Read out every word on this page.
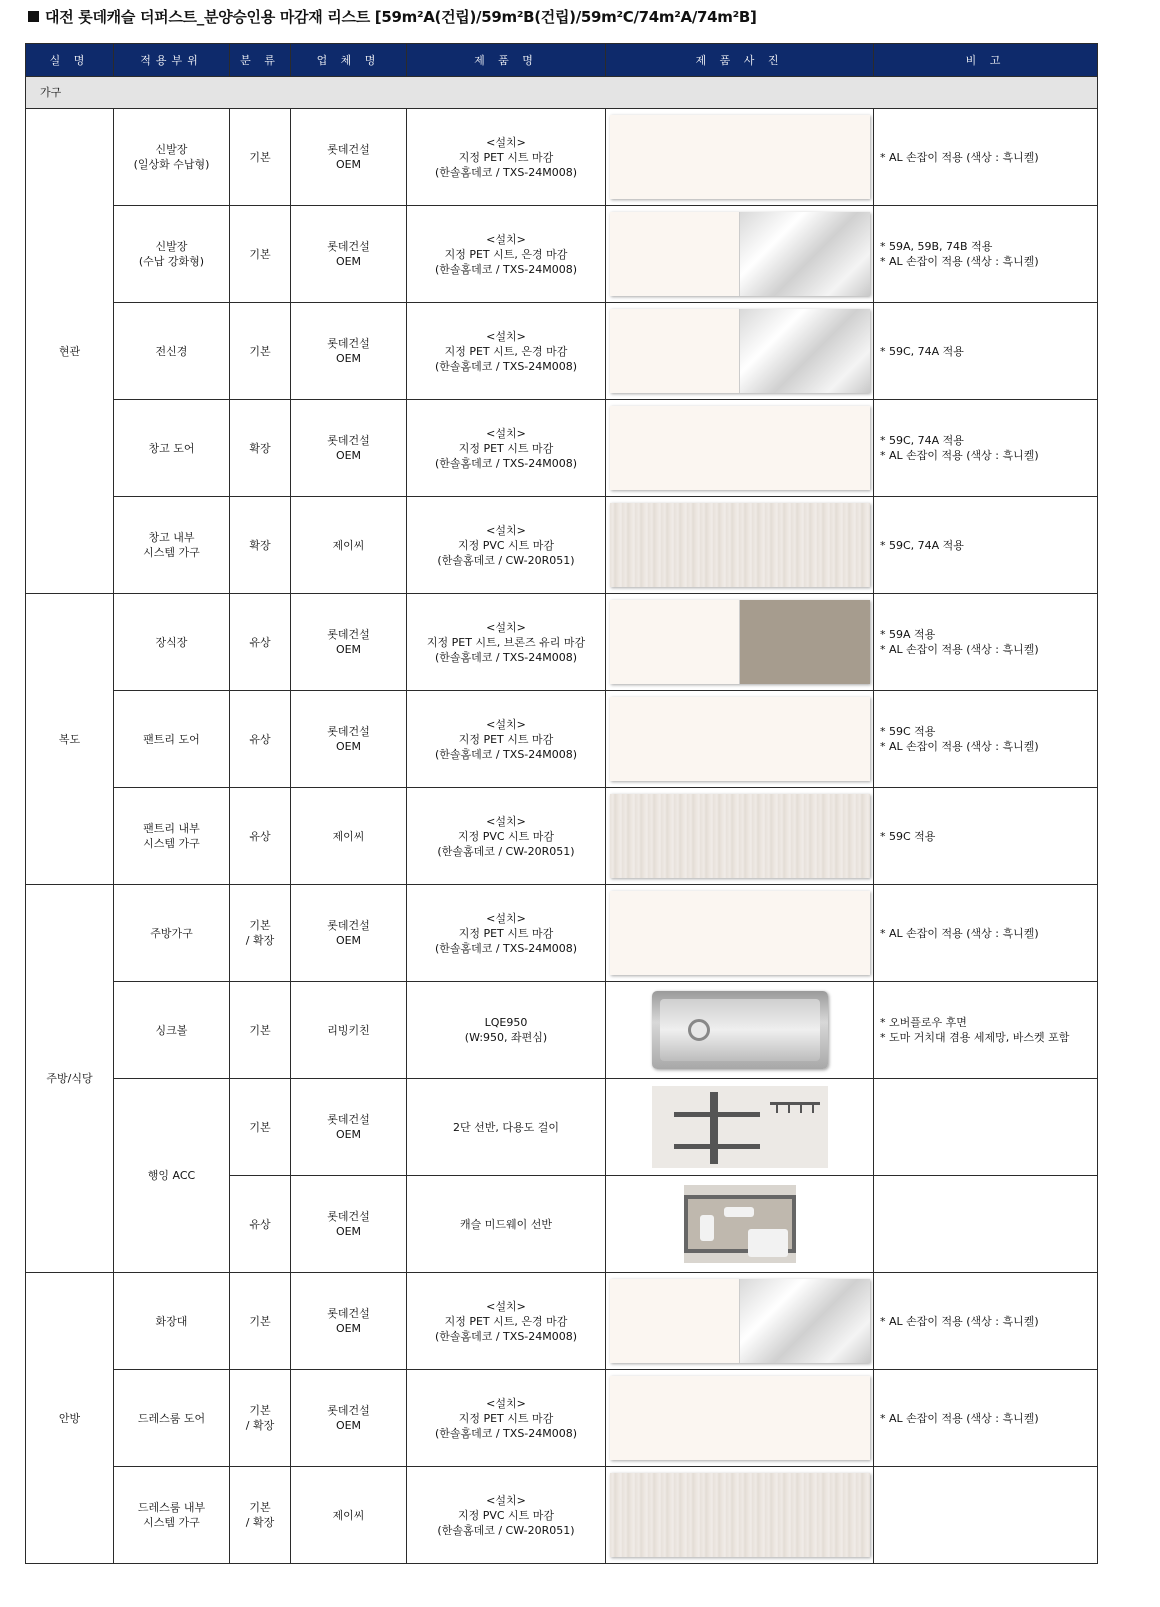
대전 롯데캐슬 더퍼스트_분양승인용 마감재 리스트 [59m²A(건립)/59m²B(건립)/59m²C/74m²A/74m²B]
실 명	적용부위	분 류	업 체 명	제 품 명	제 품 사 진	비 고
가구						
현관	신발장
(일상화 수납형)	기본	롯데건설
OEM	<설치>
지정 PET 시트 마감
(한솔홈데코 / TXS-24M008)		* AL 손잡이 적용 (색상 : 흑니켈)

	신발장
(수납 강화형)	기본	롯데건설
OEM	<설치>
지정 PET 시트, 은경 마감
(한솔홈데코 / TXS-24M008)		* 59A, 59B, 74B 적용
* AL 손잡이 적용 (색상 : 흑니켈)

	전신경	기본	롯데건설
OEM	<설치>
지정 PET 시트, 은경 마감
(한솔홈데코 / TXS-24M008)		* 59C, 74A 적용

	창고 도어	확장	롯데건설
OEM	<설치>
지정 PET 시트 마감
(한솔홈데코 / TXS-24M008)		* 59C, 74A 적용
* AL 손잡이 적용 (색상 : 흑니켈)

	창고 내부
시스템 가구	확장	제이씨	<설치>
지정 PVC 시트 마감
(한솔홈데코 / CW-20R051)		* 59C, 74A 적용

복도	장식장	유상	롯데건설
OEM	<설치>
지정 PET 시트, 브론즈 유리 마감
(한솔홈데코 / TXS-24M008)		* 59A 적용
* AL 손잡이 적용 (색상 : 흑니켈)

	팬트리 도어	유상	롯데건설
OEM	<설치>
지정 PET 시트 마감
(한솔홈데코 / TXS-24M008)		* 59C 적용
* AL 손잡이 적용 (색상 : 흑니켈)

	팬트리 내부
시스템 가구	유상	제이씨	<설치>
지정 PVC 시트 마감
(한솔홈데코 / CW-20R051)		* 59C 적용

주방/식당	주방가구	기본
/ 확장	롯데건설
OEM	<설치>
지정 PET 시트 마감
(한솔홈데코 / TXS-24M008)		* AL 손잡이 적용 (색상 : 흑니켈)

	싱크볼	기본	리빙키친	LQE950
(W:950, 좌편심)		* 오버플로우 후면
* 도마 거치대 겸용 세제망, 바스켓 포함

	행잉 ACC	기본	롯데건설
OEM	2단 선반, 다용도 걸이		

		유상	롯데건설
OEM	캐슬 미드웨이 선반		

안방	화장대	기본	롯데건설
OEM	<설치>
지정 PET 시트, 은경 마감
(한솔홈데코 / TXS-24M008)		* AL 손잡이 적용 (색상 : 흑니켈)

	드레스룸 도어	기본
/ 확장	롯데건설
OEM	<설치>
지정 PET 시트 마감
(한솔홈데코 / TXS-24M008)		* AL 손잡이 적용 (색상 : 흑니켈)

	드레스룸 내부
시스템 가구	기본
/ 확장	제이씨	<설치>
지정 PVC 시트 마감
(한솔홈데코 / CW-20R051)		
